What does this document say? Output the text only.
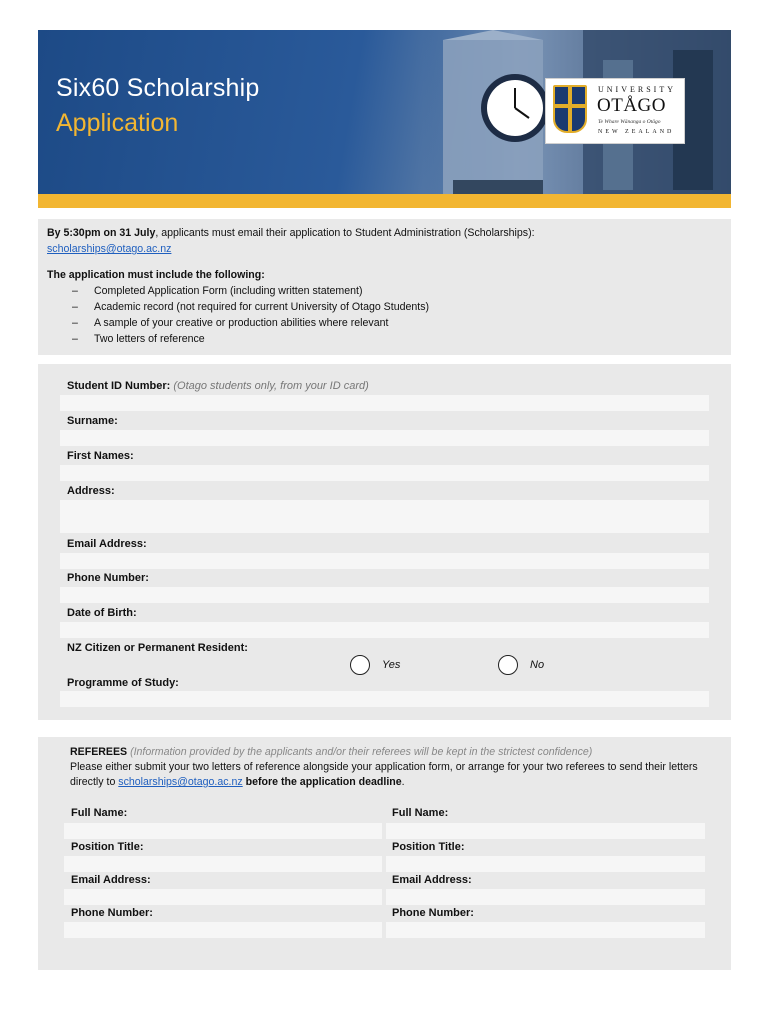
Six60 Scholarship
Application
UNIVERSITY
OTÅGO
Te Whare Wānanga o Otāgo
NEW ZEALAND
By 5:30pm on 31 July, applicants must email their application to Student Administration (Scholarships):
scholarships@otago.ac.nz
The application must include the following:
– Completed Application Form (including written statement)
– Academic record (not required for current University of Otago Students)
– A sample of your creative or production abilities where relevant
– Two letters of reference
Student ID Number: (Otago students only, from your ID card)
Surname:
First Names:
Address:
Email Address:
Phone Number:
Date of Birth:
NZ Citizen or Permanent Resident:
Yes	No
Programme of Study:
REFEREES (Information provided by the applicants and/or their referees will be kept in the strictest confidence)
Please either submit your two letters of reference alongside your application form, or arrange for your two referees to send their letters directly to scholarships@otago.ac.nz before the application deadline.
Full Name:
Position Title:
Email Address:
Phone Number:
Full Name:
Position Title:
Email Address:
Phone Number:
